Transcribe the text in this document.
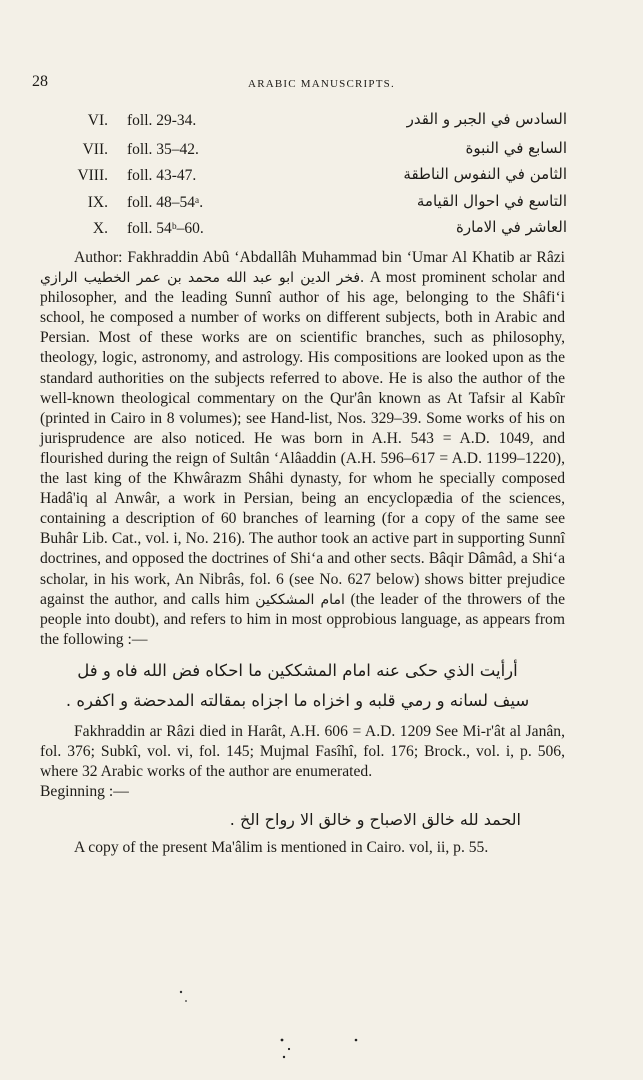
28	ARABIC MANUSCRIPTS.
VI. foll. 29-34.	السادس في الجبر و القدر
VII. foll. 35–42.	السابع في النبوة
VIII. foll. 43-47.	الثامن في النفوس الناطقة
IX. foll. 48–54ᵃ.	التاسع في احوال القيامة
X. foll. 54ᵇ–60.	العاشر في الامارة

Author: Fakhraddin Abû ‘Abdallâh Muhammad bin ‘Umar Al Khatib ar Râzi فخر الدين ابو عبد الله محمد بن عمر الخطيب الرازي. A most prominent scholar and philosopher, and the leading Sunnî author of his age, belonging to the Shâfi‘i school, he composed a number of works on different subjects, both in Arabic and Persian. Most of these works are on scientific branches, such as philosophy, theology, logic, astronomy, and astrology. His compositions are looked upon as the standard authorities on the subjects referred to above. He is also the author of the well-known theological commentary on the Qur'ân known as At Tafsir al Kabîr (printed in Cairo in 8 volumes); see Hand-list, Nos. 329–39. Some works of his on jurisprudence are also noticed. He was born in A.H. 543 = A.D. 1049, and flourished during the reign of Sultân ‘Alâaddin (A.H. 596–617 = A.D. 1199–1220), the last king of the Khwârazm Shâhi dynasty, for whom he specially composed Hadâ'iq al Anwâr, a work in Persian, being an encyclopædia of the sciences, containing a description of 60 branches of learning (for a copy of the same see Buhâr Lib. Cat., vol. i, No. 216). The author took an active part in supporting Sunnî doctrines, and opposed the doctrines of Shi‘a and other sects. Bâqir Dâmâd, a Shi‘a scholar, in his work, An Nibrâs, fol. 6 (see No. 627 below) shows bitter prejudice against the author, and calls him امام المشككين (the leader of the throwers of the people into doubt), and refers to him in most opprobious language, as appears from the following :—

أرأيت الذي حكى عنه امام المشككين ما احكاه فض الله فاه و فل
سيف لسانه و رمي قلبه و اخزاه ما اجزاه بمقالته المدحضة و اكفره .

Fakhraddin ar Râzi died in Harât, A.H. 606 = A.D. 1209 See Mi-r'ât al Janân, fol. 376; Subkî, vol. vi, fol. 145; Mujmal Fasîhî, fol. 176; Brock., vol. i, p. 506, where 32 Arabic works of the author are enumerated.

Beginning :—

الحمد لله خالق الاصباح و خالق الا رواح الخ .

A copy of the present Ma'âlim is mentioned in Cairo. vol, ii, p. 55.
